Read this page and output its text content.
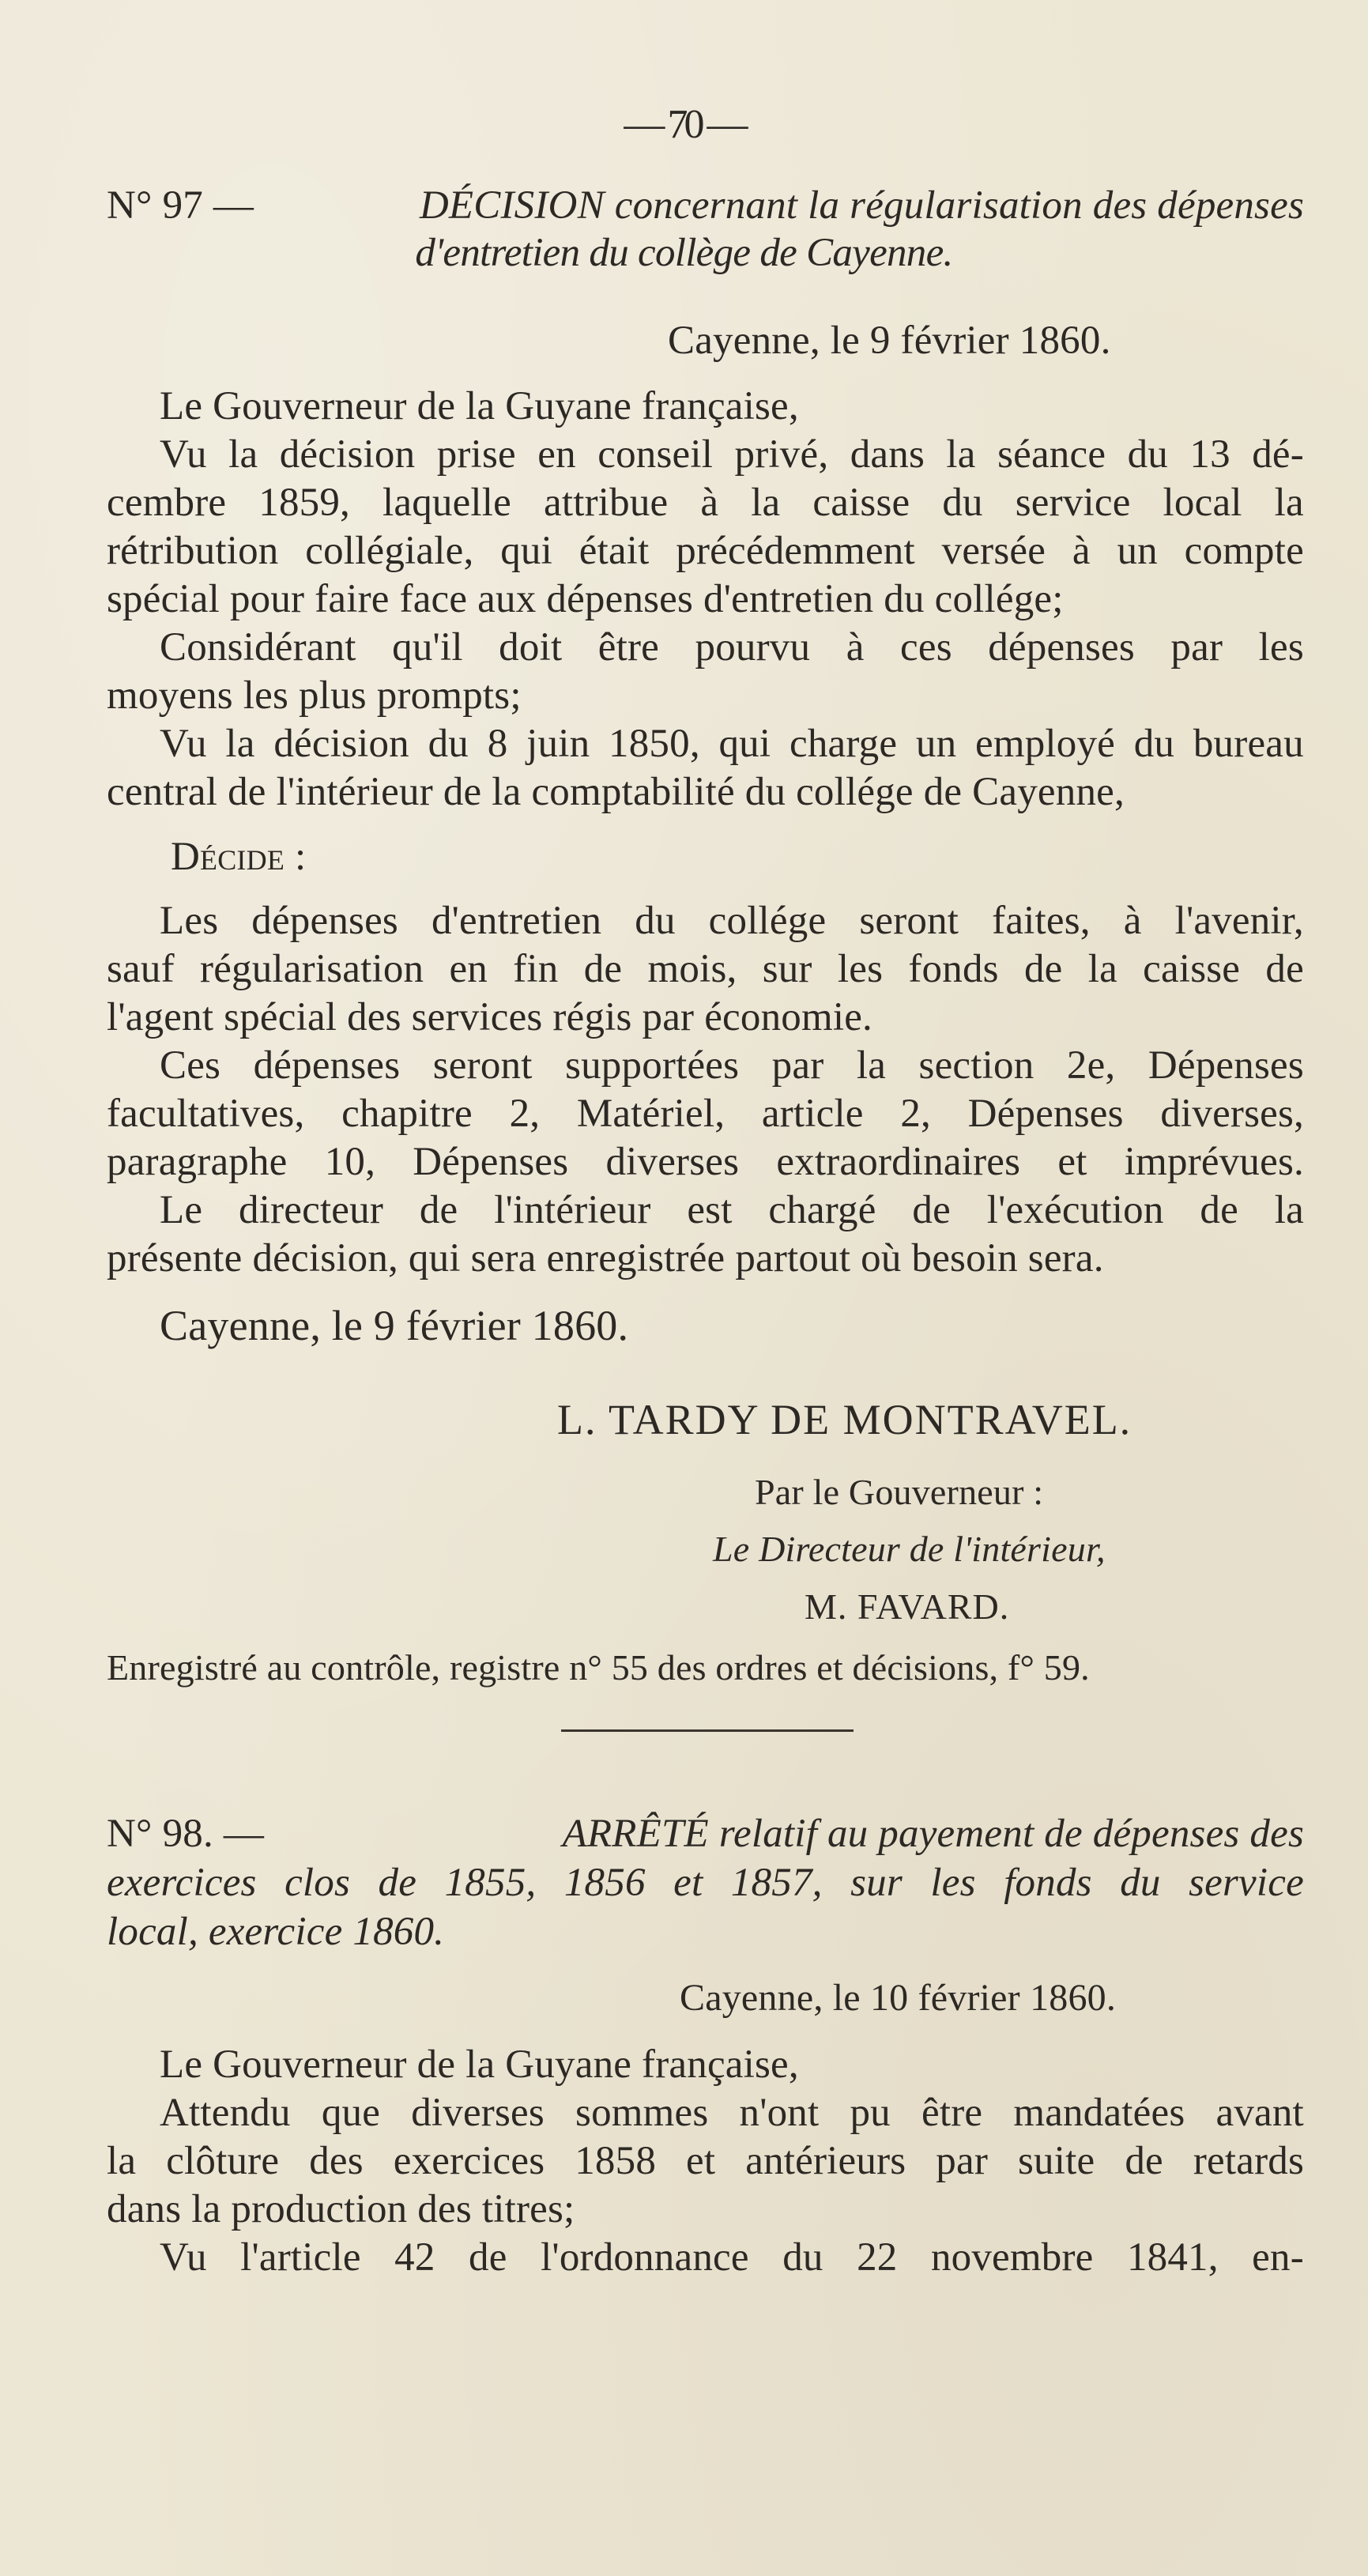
— 70 —
N° 97 —	DÉCISION concernant la régularisation des dépenses
d'entretien du collège de Cayenne.
Cayenne, le 9 février 1860.
Le Gouverneur de la Guyane française,
Vu la décision prise en conseil privé, dans la séance du 13 dé-
cembre 1859, laquelle attribue à la caisse du service local la
rétribution collégiale, qui était précédemment versée à un compte
spécial pour faire face aux dépenses d'entretien du collége;
Considérant qu'il doit être pourvu à ces dépenses par les
moyens les plus prompts;
Vu la décision du 8 juin 1850, qui charge un employé du bureau
central de l'intérieur de la comptabilité du collége de Cayenne,
Décide :
Les dépenses d'entretien du collége seront faites, à l'avenir,
sauf régularisation en fin de mois, sur les fonds de la caisse de
l'agent spécial des services régis par économie.
Ces dépenses seront supportées par la section 2e, Dépenses
facultatives, chapitre 2, Matériel, article 2, Dépenses diverses,
paragraphe 10, Dépenses diverses extraordinaires et imprévues.
Le directeur de l'intérieur est chargé de l'exécution de la
présente décision, qui sera enregistrée partout où besoin sera.
Cayenne, le 9 février 1860.
L. TARDY DE MONTRAVEL.
Par le Gouverneur :
Le Directeur de l'intérieur,
M. FAVARD.
Enregistré au contrôle, registre n° 55 des ordres et décisions, f° 59.
N° 98. —	ARRÊTÉ relatif au payement de dépenses des
exercices clos de 1855, 1856 et 1857, sur les fonds du service
local, exercice 1860.
Cayenne, le 10 février 1860.
Le Gouverneur de la Guyane française,
Attendu que diverses sommes n'ont pu être mandatées avant
la clôture des exercices 1858 et antérieurs par suite de retards
dans la production des titres;
Vu l'article 42 de l'ordonnance du 22 novembre 1841, en-
